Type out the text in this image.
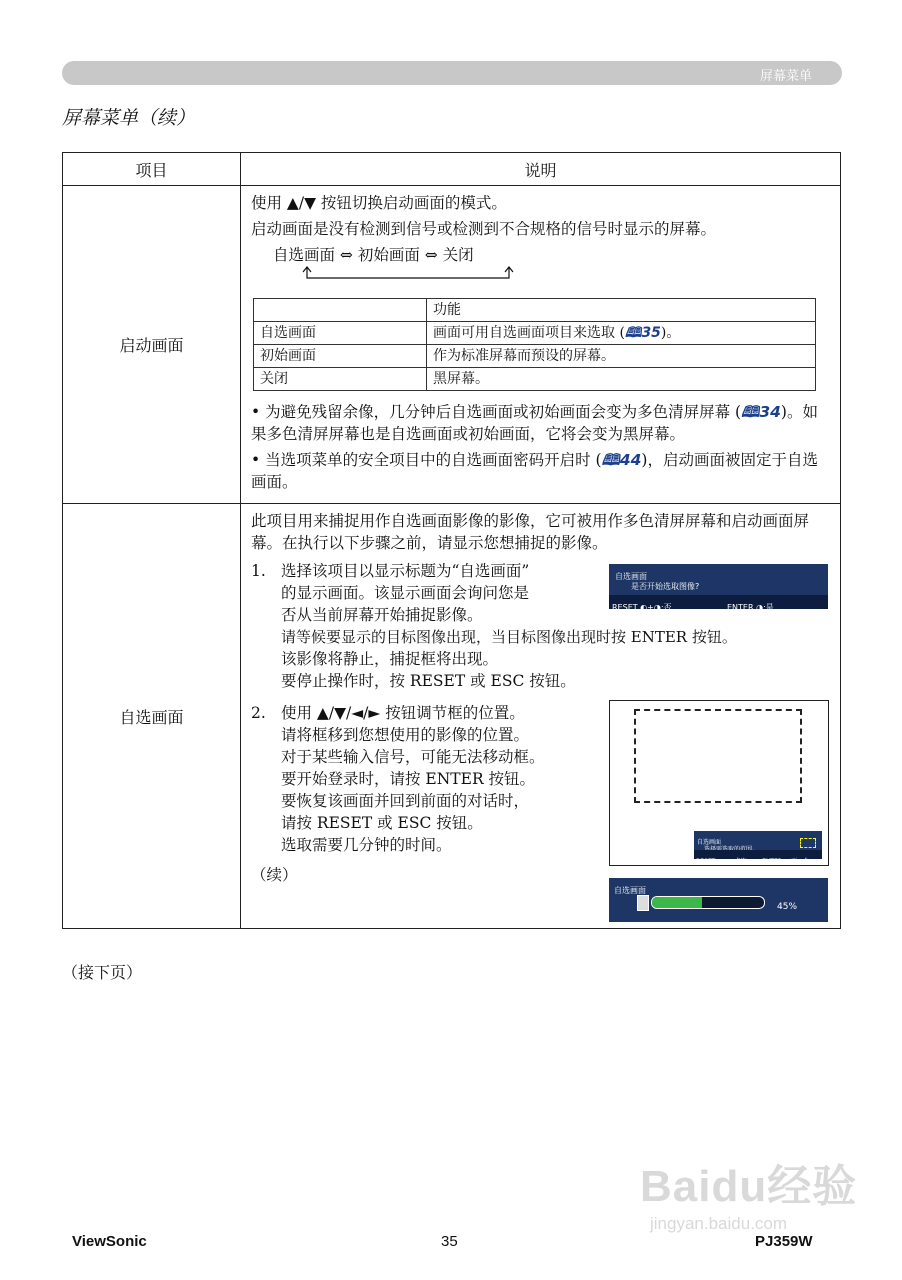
屏幕菜单
屏幕菜单（续）
项目	说明
启动画面	

使用 ▲/▼ 按钮切换启动画面的模式。

启动画面是没有检测到信号或检测到不合规格的信号时显示的屏幕。

自选画面 ⇔ 初始画面 ⇔ 关闭
	功能
自选画面	画面可用自选画面项目来选取 (🕮35)。
初始画面	作为标准屏幕而预设的屏幕。
关闭	黑屏幕。

• 为避免残留余像，几分钟后自选画面或初始画面会变为多色清屏屏幕 (🕮34)。如果多色清屏屏幕也是自选画面或初始画面，它将会变为黑屏幕。

• 当选项菜单的安全项目中的自选画面密码开启时 (🕮44)，启动画面被固定于自选画面。

自选画面	

此项目用来捕捉用作自选画面影像的影像，它可被用作多色清屏屏幕和启动画面屏幕。在执行以下步骤之前，请显示您想捕捉的影像。

1. 选择该项目以显示标题为“自选画面”
的显示画面。该显示画面会询问您是
否从当前屏幕开始捕捉影像。
请等候要显示的目标图像出现，当目标图像出现时按 ENTER 按钮。
该影像将静止，捕捉框将出现。
要停止操作时，按 RESET 或 ESC 按钮。
2. 使用 ▲/▼/◄/► 按钮调节框的位置。
请将框移到您想使用的影像的位置。
对于某些输入信号，可能无法移动框。
要开始登录时，请按 ENTER 按钮。
要恢复该画面并回到前面的对话时，
请按 RESET 或 ESC 按钮。
选取需要几分钟的时间。
（续）
自选画面
是否开始选取图像?
RESET,◐+◑:否	ENTER,◑:是
自选画面
RESET,◐+◑:点取	ENTER,◑:下一个
自选画面
45%
（接下页）
Baidu经验
jingyan.baidu.com
ViewSonic	35	PJ359W
